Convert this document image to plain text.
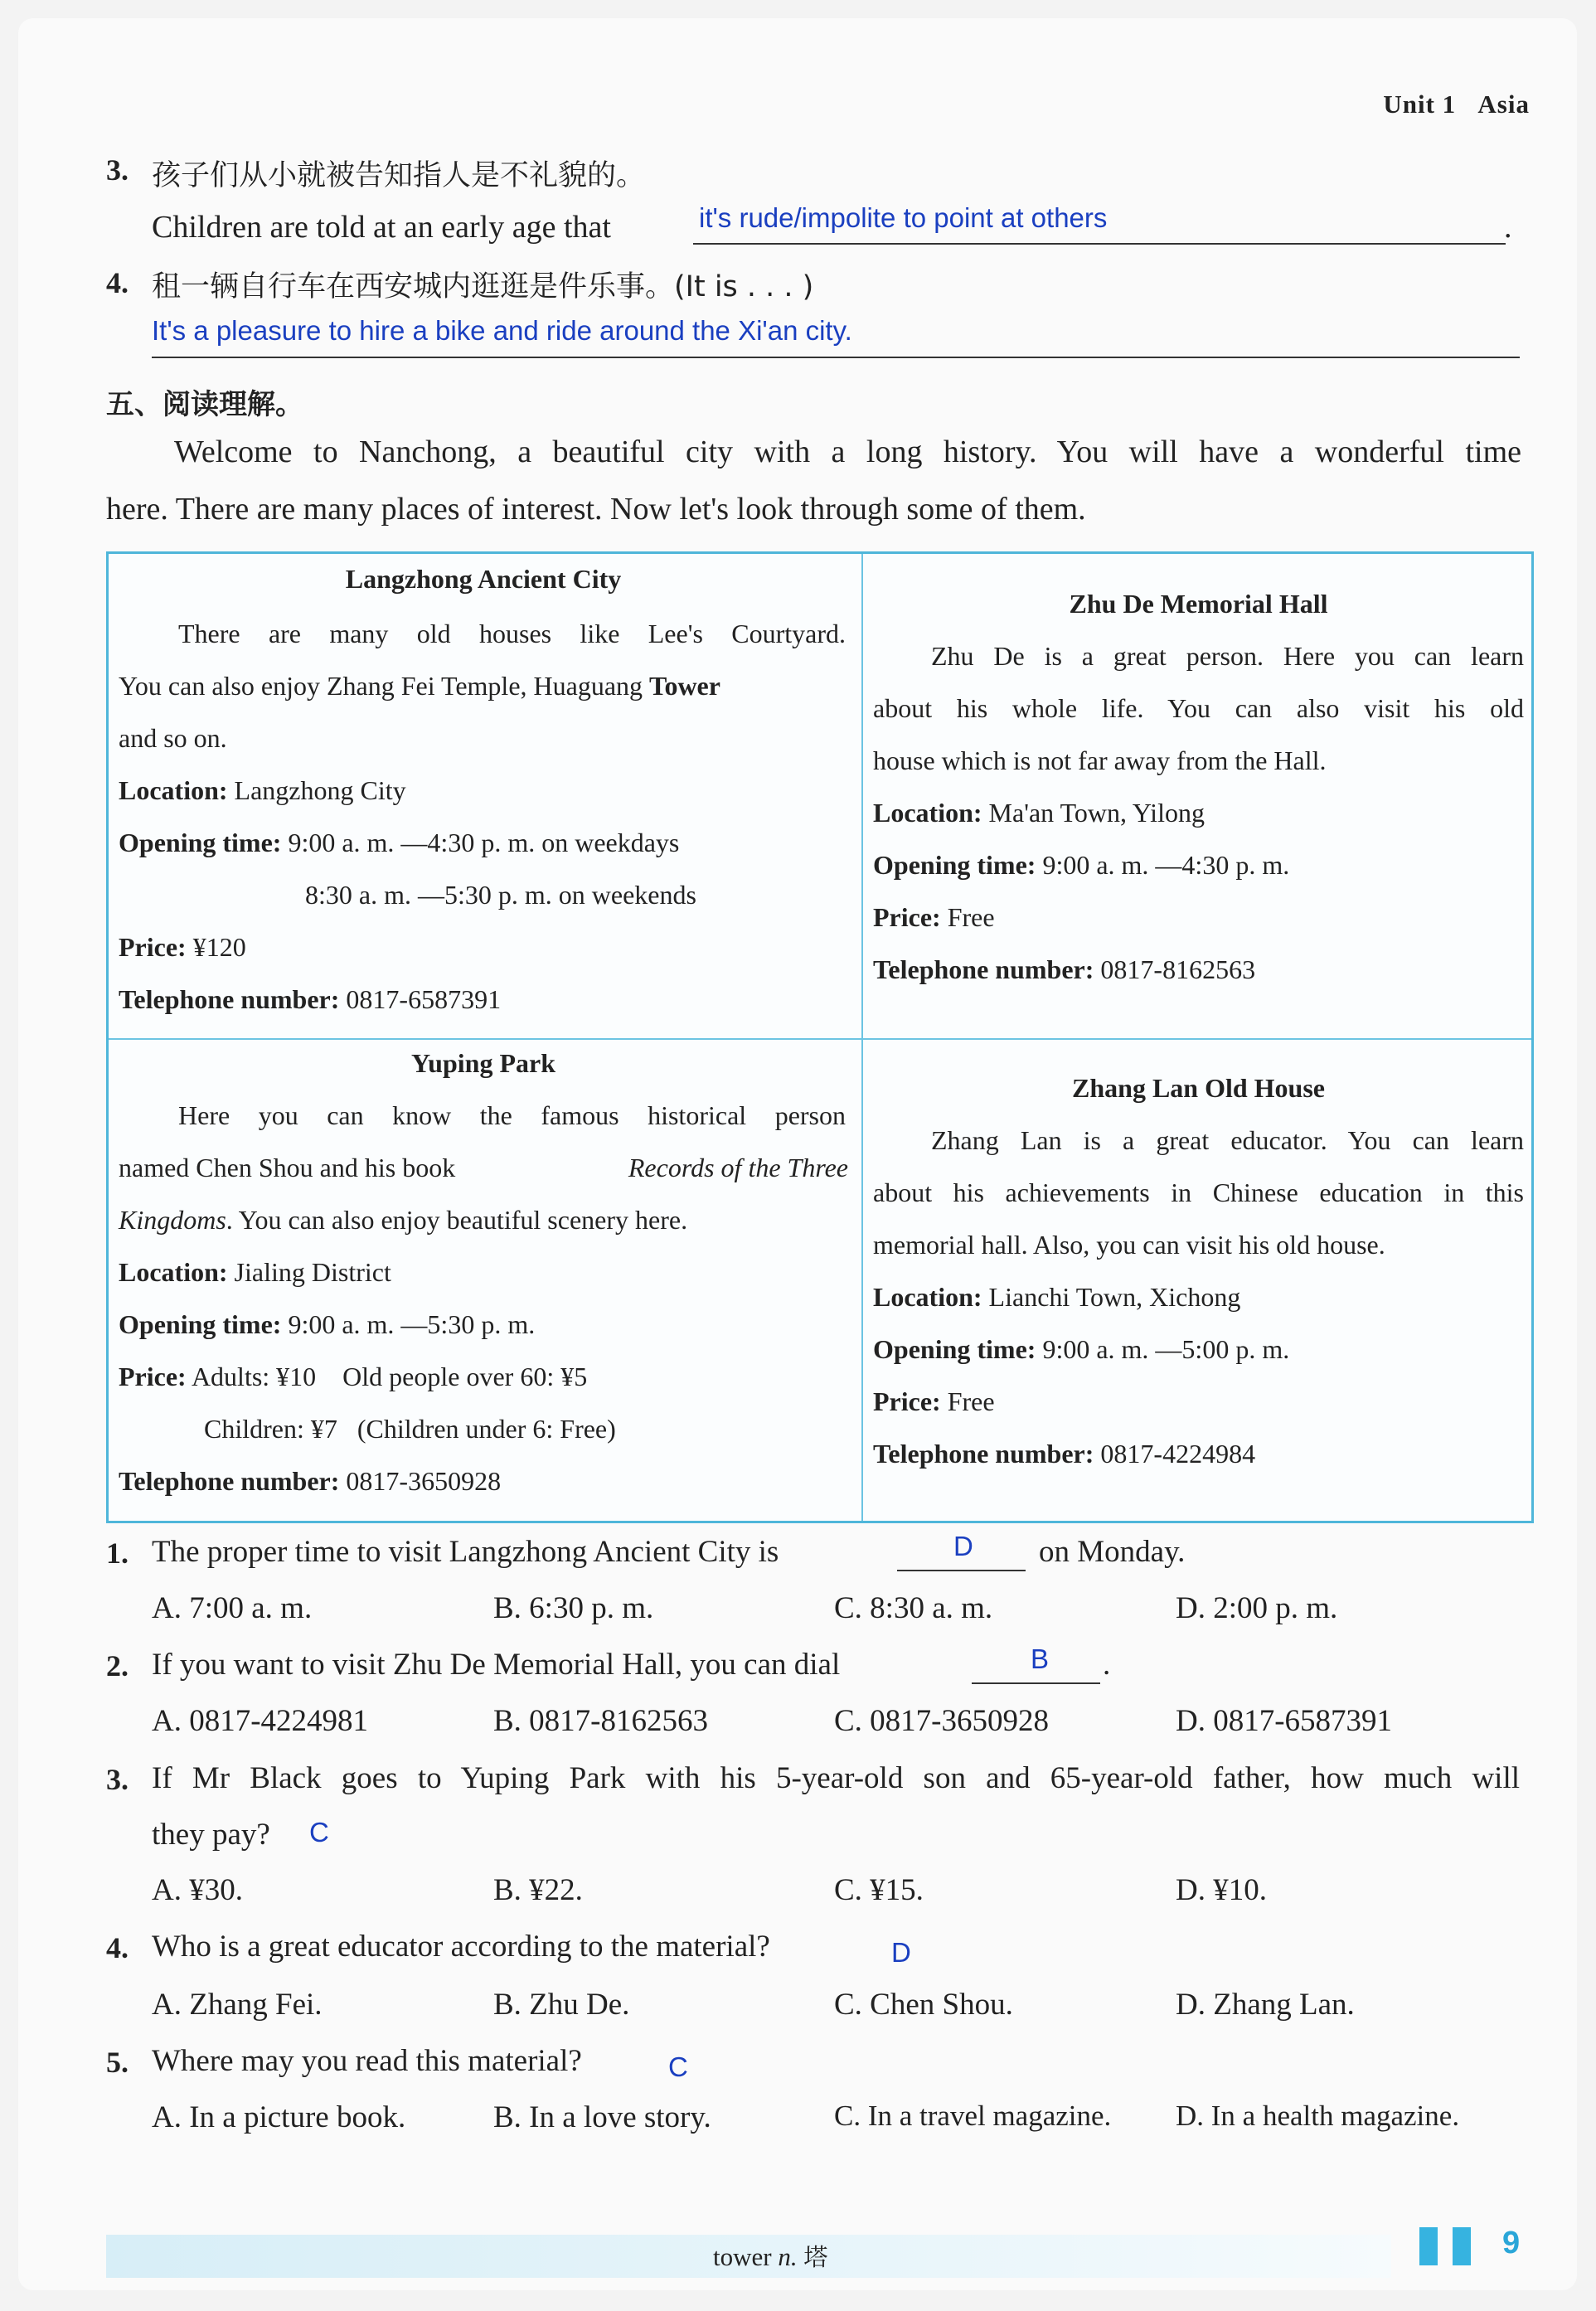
Unit 1 Asia
3. 孩子们从小就被告知指人是不礼貌的。
Children are told at an early age that	it's rude/impolite to point at others	.
4. 租一辆自行车在西安城内逛逛是件乐事。(It is . . . )
It's a pleasure to hire a bike and ride around the Xi'an city.
五、阅读理解。
Welcome to Nanchong, a beautiful city with a long history. You will have a wonderful time
here. There are many places of interest. Now let's look through some of them.
Langzhong Ancient City
There are many old houses like Lee's Courtyard.
You can also enjoy Zhang Fei Temple, Huaguang Tower
and so on.
Location: Langzhong City
Opening time: 9:00 a. m. —4:30 p. m. on weekdays
8:30 a. m. —5:30 p. m. on weekends
Price: ¥120
Telephone number: 0817-6587391
Zhu De Memorial Hall
Zhu De is a great person. Here you can learn
about his whole life. You can also visit his old
house which is not far away from the Hall.
Location: Ma'an Town, Yilong
Opening time: 9:00 a. m. —4:30 p. m.
Price: Free
Telephone number: 0817-8162563
Yuping Park
Here you can know the famous historical person
named Chen Shou and his book	Records of the Three
Kingdoms. You can also enjoy beautiful scenery here.
Location: Jialing District
Opening time: 9:00 a. m. —5:30 p. m.
Price: Adults: ¥10    Old people over 60: ¥5
Children: ¥7   (Children under 6: Free)
Telephone number: 0817-3650928
Zhang Lan Old House
Zhang Lan is a great educator. You can learn
about his achievements in Chinese education in this
memorial hall. Also, you can visit his old house.
Location: Lianchi Town, Xichong
Opening time: 9:00 a. m. —5:00 p. m.
Price: Free
Telephone number: 0817-4224984
1. The proper time to visit Langzhong Ancient City is	D on Monday.
A. 7:00 a. m.	B. 6:30 p. m.	C. 8:30 a. m.	D. 2:00 p. m.
2. If you want to visit Zhu De Memorial Hall, you can dial	B .
A. 0817-4224981	B. 0817-8162563	C. 0817-3650928	D. 0817-6587391
3. If Mr Black goes to Yuping Park with his 5-year-old son and 65-year-old father, how much will
they pay? C
A. ¥30.	B. ¥22.	C. ¥15.	D. ¥10.
4. Who is a great educator according to the material?	D
A. Zhang Fei.	B. Zhu De.	C. Chen Shou.	D. Zhang Lan.
5. Where may you read this material?	C
A. In a picture book.	B. In a love story.	C. In a travel magazine. D. In a health magazine.
tower n. 塔	9
